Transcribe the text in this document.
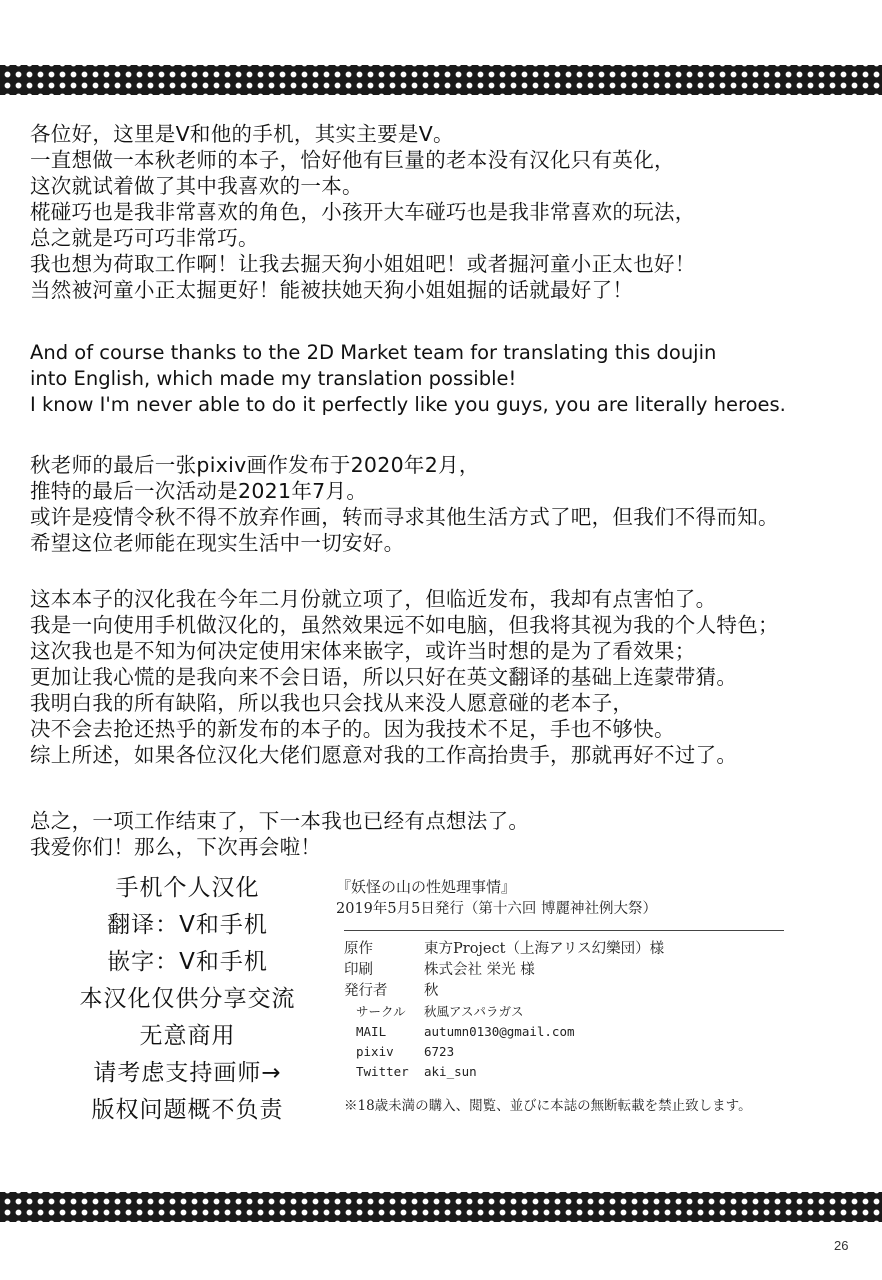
各位好，这里是V和他的手机，其实主要是V。
一直想做一本秋老师的本子，恰好他有巨量的老本没有汉化只有英化，
这次就试着做了其中我喜欢的一本。
椛碰巧也是我非常喜欢的角色，小孩开大车碰巧也是我非常喜欢的玩法，
总之就是巧可巧非常巧。
我也想为荷取工作啊！让我去掘天狗小姐姐吧！或者掘河童小正太也好！
当然被河童小正太掘更好！能被扶她天狗小姐姐掘的话就最好了！
And of course thanks to the 2D Market team for translating this doujin
into English, which made my translation possible!
I know I'm never able to do it perfectly like you guys, you are literally heroes.
秋老师的最后一张pixiv画作发布于2020年2月，
推特的最后一次活动是2021年7月。
或许是疫情令秋不得不放弃作画，转而寻求其他生活方式了吧，但我们不得而知。
希望这位老师能在现实生活中一切安好。
这本本子的汉化我在今年二月份就立项了，但临近发布，我却有点害怕了。
我是一向使用手机做汉化的，虽然效果远不如电脑，但我将其视为我的个人特色；
这次我也是不知为何决定使用宋体来嵌字，或许当时想的是为了看效果；
更加让我心慌的是我向来不会日语，所以只好在英文翻译的基础上连蒙带猜。
我明白我的所有缺陷，所以我也只会找从来没人愿意碰的老本子，
决不会去抢还热乎的新发布的本子的。因为我技术不足，手也不够快。
综上所述，如果各位汉化大佬们愿意对我的工作高抬贵手，那就再好不过了。
总之，一项工作结束了，下一本我也已经有点想法了。
我爱你们！那么，下次再会啦！
手机个人汉化
翻译：V和手机
嵌字：V和手机
本汉化仅供分享交流
无意商用
请考虑支持画师→
版权问题概不负责
『妖怪の山の性処理事情』
2019年5月5日発行（第十六回 博麗神社例大祭）
原作	東方Project（上海アリス幻樂団）様
印刷	株式会社 栄光 様
発行者	秋
サークル	秋風アスパラガス
MAIL	autumn0130@gmail.com
pixiv	6723
Twitter	aki_sun
※18歳未満の購入、閲覧、並びに本誌の無断転載を禁止致します。
26
